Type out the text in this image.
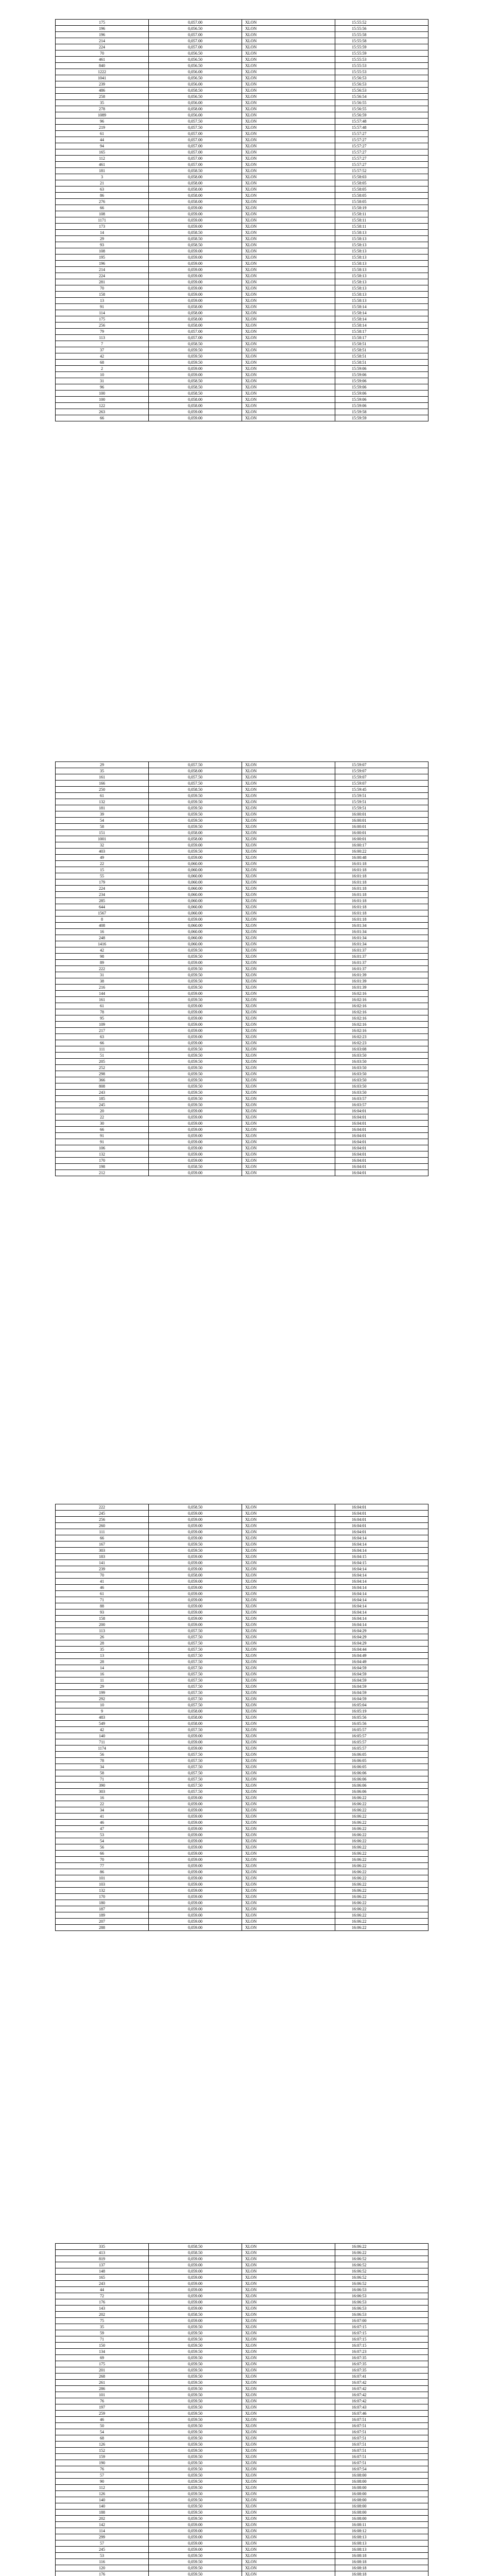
175	0,057.00	XLON	15:55:52
196	0,056.50	XLON	15:55:56
196	0,057.00	XLON	15:55:58
214	0,057.00	XLON	15:55:58
224	0,057.00	XLON	15:55:59
70	0,056.50	XLON	15:55:59
461	0,056.50	XLON	15:55:53
840	0,056.50	XLON	15:55:53
1222	0,056.00	XLON	15:55:53
1041	0,056.50	XLON	15:56:53
239	0,056.00	XLON	15:56:53
486	0,058.50	XLON	15:56:53
258	0,056.50	XLON	15:56:54
35	0,056.00	XLON	15:56:55
278	0,058.00	XLON	15:56:55
1089	0,056.00	XLON	15:56:59
96	0,057.50	XLON	15:57:48
219	0,057.50	XLON	15:57:48
61	0,057.00	XLON	15:57:27
44	0,057.00	XLON	15:57:27
94	0,057.00	XLON	15:57:27
165	0,057.00	XLON	15:57:27
112	0,057.00	XLON	15:57:27
461	0,057.00	XLON	15:57:27
181	0,058.50	XLON	15:57:52
3	0,058.00	XLON	15:58:03
21	0,058.00	XLON	15:58:05
63	0,058.00	XLON	15:58:05
86	0,058.00	XLON	15:58:05
276	0,058.00	XLON	15:58:05
66	0,059.00	XLON	15:58:19
108	0,059.00	XLON	15:58:11
1171	0,059.00	XLON	15:58:11
173	0,059.00	XLON	15:58:11
14	0,058.50	XLON	15:58:13
29	0,058.50	XLON	15:58:13
93	0,058.50	XLON	15:58:13
108	0,059.00	XLON	15:58:13
195	0,059.00	XLON	15:58:13
196	0,059.00	XLON	15:58:13
214	0,059.00	XLON	15:58:13
224	0,059.00	XLON	15:58:13
281	0,059.00	XLON	15:58:13
70	0,059.00	XLON	15:58:13
158	0,059.00	XLON	15:58:13
13	0,059.00	XLON	15:58:13
91	0,058.00	XLON	15:58:14
114	0,058.00	XLON	15:58:14
175	0,058.00	XLON	15:58:14
256	0,058.00	XLON	15:58:14
79	0,057.00	XLON	15:58:17
113	0,057.00	XLON	15:58:17
7	0,058.50	XLON	15:58:51
37	0,059.50	XLON	15:58:51
42	0,059.50	XLON	15:58:51
68	0,059.50	XLON	15:58:51
2	0,059.00	XLON	15:59:06
10	0,059.00	XLON	15:59:06
31	0,058.50	XLON	15:59:06
96	0,058.50	XLON	15:59:06
100	0,058.50	XLON	15:59:06
100	0,058.00	XLON	15:59:06
122	0,058.00	XLON	15:59:06
263	0,059.00	XLON	15:59:58
66	0,059.00	XLON	15:59:59
29	0,057.50	XLON	15:59:07
35	0,058.00	XLON	15:59:07
161	0,057.50	XLON	15:59:07
166	0,057.50	XLON	15:59:07
250	0,058.50	XLON	15:59:45
61	0,059.50	XLON	15:59:51
132	0,059.50	XLON	15:59:51
181	0,059.50	XLON	15:59:51
39	0,059.50	XLON	16:00:01
54	0,059.50	XLON	16:00:01
58	0,059.50	XLON	16:00:01
151	0,058.00	XLON	16:00:01
1001	0,058.00	XLON	16:00:01
32	0,059.00	XLON	16:00:17
403	0,059.50	XLON	16:00:22
49	0,059.00	XLON	16:00:48
22	0,060.00	XLON	16:01:18
15	0,060.00	XLON	16:01:18
55	0,060.00	XLON	16:01:18
179	0,060.00	XLON	16:01:18
224	0,060.00	XLON	16:01:18
234	0,060.00	XLON	16:01:18
285	0,060.00	XLON	16:01:18
644	0,060.00	XLON	16:01:18
1567	0,060.00	XLON	16:01:18
8	0,059.00	XLON	16:01:18
408	0,060.00	XLON	16:01:34
16	0,060.00	XLON	16:01:34
248	0,060.00	XLON	16:01:34
1416	0,060.00	XLON	16:01:34
42	0,059.50	XLON	16:01:37
98	0,059.50	XLON	16:01:37
89	0,059.00	XLON	16:01:37
222	0,059.50	XLON	16:01:37
31	0,059.50	XLON	16:01:39
38	0,059.50	XLON	16:01:39
216	0,059.50	XLON	16:01:39
144	0,059.00	XLON	16:02:16
161	0,059.50	XLON	16:02:16
61	0,059.00	XLON	16:02:16
78	0,059.00	XLON	16:02:16
95	0,059.00	XLON	16:02:16
109	0,059.00	XLON	16:02:16
217	0,059.00	XLON	16:02:16
63	0,059.00	XLON	16:02:23
66	0,059.00	XLON	16:02:23
111	0,059.50	XLON	16:03:08
51	0,059.50	XLON	16:03:50
205	0,059.50	XLON	16:03:50
252	0,059.50	XLON	16:03:50
298	0,059.50	XLON	16:03:50
366	0,059.50	XLON	16:03:50
808	0,059.50	XLON	16:03:50
243	0,059.50	XLON	16:03:50
185	0,059.50	XLON	16:03:57
245	0,059.50	XLON	16:03:57
20	0,059.00	XLON	16:04:01
22	0,059.00	XLON	16:04:01
30	0,059.00	XLON	16:04:01
66	0,059.00	XLON	16:04:01
91	0,059.00	XLON	16:04:01
91	0,059.00	XLON	16:04:01
106	0,059.00	XLON	16:04:01
132	0,059.00	XLON	16:04:01
170	0,059.00	XLON	16:04:01
198	0,058.50	XLON	16:04:01
212	0,059.00	XLON	16:04:01
222	0,058.50	XLON	16:04:01
245	0,059.00	XLON	16:04:01
256	0,059.00	XLON	16:04:01
260	0,059.00	XLON	16:04:01
111	0,059.00	XLON	16:04:01
66	0,059.00	XLON	16:04:14
167	0,059.50	XLON	16:04:14
303	0,059.50	XLON	16:04:14
183	0,059.00	XLON	16:04:15
141	0,059.00	XLON	16:04:15
239	0,059.00	XLON	16:04:14
70	0,058.00	XLON	16:04:14
41	0,059.00	XLON	16:04:14
46	0,059.00	XLON	16:04:14
61	0,059.00	XLON	16:04:14
71	0,059.00	XLON	16:04:14
88	0,059.00	XLON	16:04:14
93	0,059.00	XLON	16:04:14
158	0,059.00	XLON	16:04:14
200	0,059.00	XLON	16:04:14
113	0,057.50	XLON	16:04:29
26	0,057.50	XLON	16:04:29
28	0,057.50	XLON	16:04:29
35	0,057.50	XLON	16:04:44
13	0,057.50	XLON	16:04:49
28	0,057.50	XLON	16:04:49
14	0,057.50	XLON	16:04:59
16	0,057.50	XLON	16:04:59
11	0,057.50	XLON	16:04:59
29	0,057.50	XLON	16:04:59
199	0,057.50	XLON	16:04:59
292	0,057.50	XLON	16:04:59
10	0,057.50	XLON	16:05:04
9	0,058.00	XLON	16:05:19
483	0,058.00	XLON	16:05:56
549	0,058.00	XLON	16:05:56
42	0,057.50	XLON	16:05:57
140	0,059.00	XLON	16:05:57
711	0,059.00	XLON	16:05:57
1174	0,059.00	XLON	16:05:57
56	0,057.50	XLON	16:06:05
78	0,057.50	XLON	16:06:05
34	0,057.50	XLON	16:06:05
58	0,057.50	XLON	16:06:06
71	0,057.50	XLON	16:06:06
390	0,057.50	XLON	16:06:06
303	0,057.50	XLON	16:06:06
16	0,059.00	XLON	16:06:22
22	0,059.00	XLON	16:06:22
34	0,059.00	XLON	16:06:22
41	0,059.00	XLON	16:06:22
46	0,059.00	XLON	16:06:22
47	0,059.00	XLON	16:06:22
53	0,059.00	XLON	16:06:22
54	0,059.00	XLON	16:06:22
56	0,059.00	XLON	16:06:22
66	0,059.00	XLON	16:06:22
70	0,059.00	XLON	16:06:22
77	0,059.00	XLON	16:06:22
86	0,059.00	XLON	16:06:22
101	0,059.00	XLON	16:06:22
103	0,059.00	XLON	16:06:22
132	0,059.00	XLON	16:06:22
170	0,059.00	XLON	16:06:22
180	0,059.00	XLON	16:06:22
187	0,059.00	XLON	16:06:22
189	0,059.00	XLON	16:06:22
207	0,059.00	XLON	16:06:22
288	0,059.00	XLON	16:06:22
335	0,058.50	XLON	16:06:22
413	0,058.50	XLON	16:06:22
819	0,059.00	XLON	16:06:52
137	0,059.00	XLON	16:06:52
148	0,059.00	XLON	16:06:52
165	0,059.00	XLON	16:06:52
243	0,059.00	XLON	16:06:52
44	0,059.00	XLON	16:06:53
72	0,059.00	XLON	16:06:53
176	0,059.00	XLON	16:06:53
143	0,059.00	XLON	16:06:53
202	0,058.50	XLON	16:06:53
75	0,059.00	XLON	16:07:00
35	0,059.50	XLON	16:07:15
59	0,059.50	XLON	16:07:15
71	0,059.50	XLON	16:07:15
150	0,059.50	XLON	16:07:15
134	0,059.50	XLON	16:07:23
69	0,059.50	XLON	16:07:35
175	0,059.50	XLON	16:07:35
201	0,059.50	XLON	16:07:35
268	0,059.50	XLON	16:07:41
261	0,059.50	XLON	16:07:42
286	0,059.50	XLON	16:07:42
101	0,059.50	XLON	16:07:42
76	0,059.50	XLON	16:07:42
197	0,059.50	XLON	16:07:43
259	0,059.50	XLON	16:07:46
46	0,059.50	XLON	16:07:51
50	0,059.50	XLON	16:07:51
54	0,059.50	XLON	16:07:51
68	0,059.50	XLON	16:07:51
126	0,059.50	XLON	16:07:51
152	0,059.50	XLON	16:07:51
159	0,059.50	XLON	16:07:51
190	0,059.50	XLON	16:07:51
76	0,059.50	XLON	16:07:54
57	0,059.50	XLON	16:08:00
90	0,059.50	XLON	16:08:00
112	0,059.50	XLON	16:08:00
126	0,059.50	XLON	16:08:00
140	0,059.50	XLON	16:08:00
140	0,059.50	XLON	16:08:00
188	0,059.50	XLON	16:08:00
202	0,059.50	XLON	16:08:00
142	0,059.00	XLON	16:08:11
114	0,059.00	XLON	16:08:12
299	0,059.00	XLON	16:08:13
57	0,059.00	XLON	16:08:13
245	0,059.00	XLON	16:08:13
53	0,059.50	XLON	16:08:18
116	0,059.50	XLON	16:08:18
120	0,059.50	XLON	16:08:18
176	0,059.50	XLON	16:08:18
